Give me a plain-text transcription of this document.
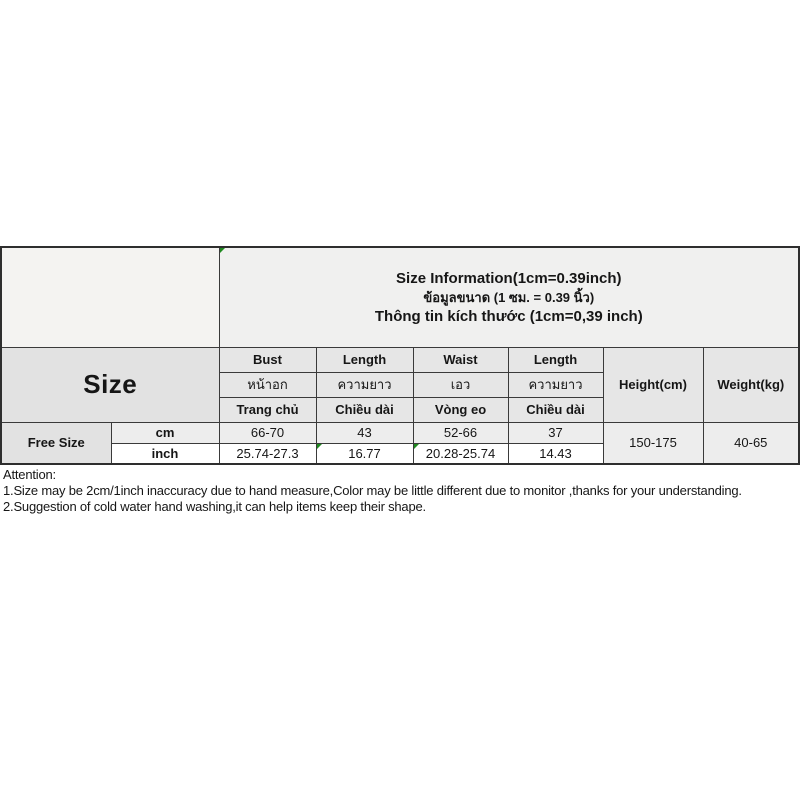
		Size Information(1cm=0.39inch)
ข้อมูลขนาด (1 ซม. = 0.39 นิ้ว)
Thông tin kích thước (1cm=0,39 inch)					

Size		Bust	Length	Waist	Length	Height(cm)	Weight(kg)
		หน้าอก	ความยาว	เอว	ความยาว		
		Trang chủ	Chiều dài	Vòng eo	Chiều dài		
Free Size	cm	66-70	43	52-66	37	150-175	40-65
	inch	25.74-27.3	16.77	20.28-25.74	14.43		
Attention:
1.Size may be 2cm/1inch inaccuracy due to hand measure,Color may be little different due to monitor ,thanks for your understanding.
2.Suggestion of cold water hand washing,it can help items keep their shape.
